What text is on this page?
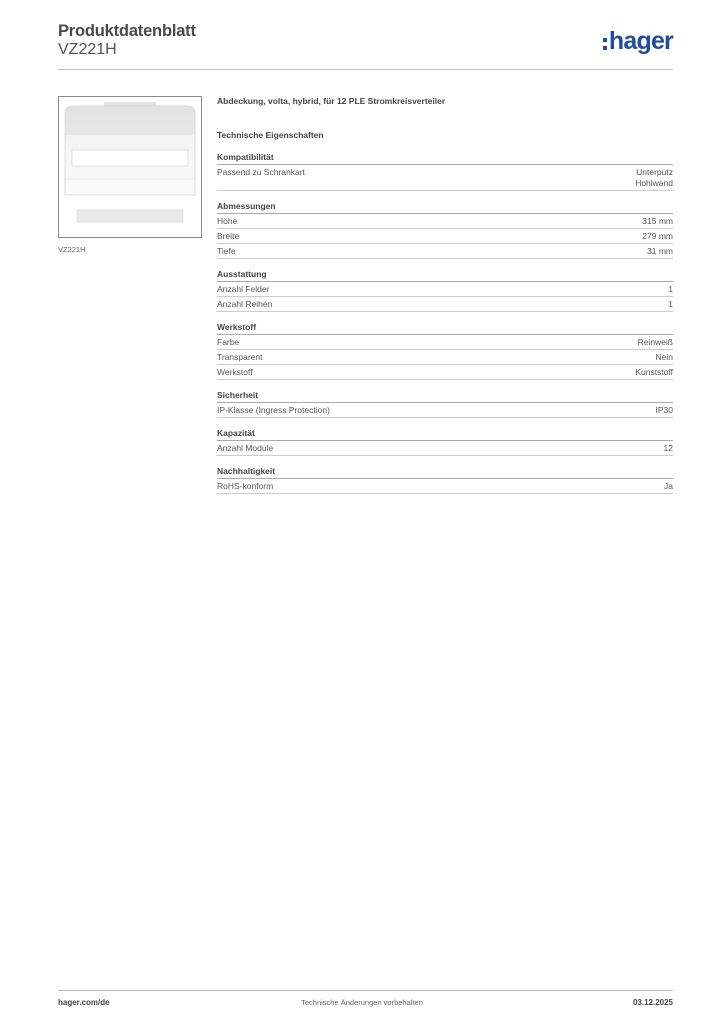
Produktdatenblatt
VZ221H	hager
VZ221H
Abdeckung, volta, hybrid, für 12 PLE Stromkreisverteiler
Technische Eigenschaften
Kompatibilität
Passend zu Schrankart	Unterputz
Hohlwand
Abmessungen
Höhe	315 mm
Breite	279 mm
Tiefe	31 mm
Ausstattung
Anzahl Felder	1
Anzahl Reihen	1
Werkstoff
Farbe	Reinweiß
Transparent	Nein
Werkstoff	Kunststoff
Sicherheit
IP-Klasse (Ingress Protection)	IP30
Kapazität
Anzahl Module	12
Nachhaltigkeit
RoHS-konform	Ja
hager.com/de	Technische Änderungen vorbehalten	03.12.2025
